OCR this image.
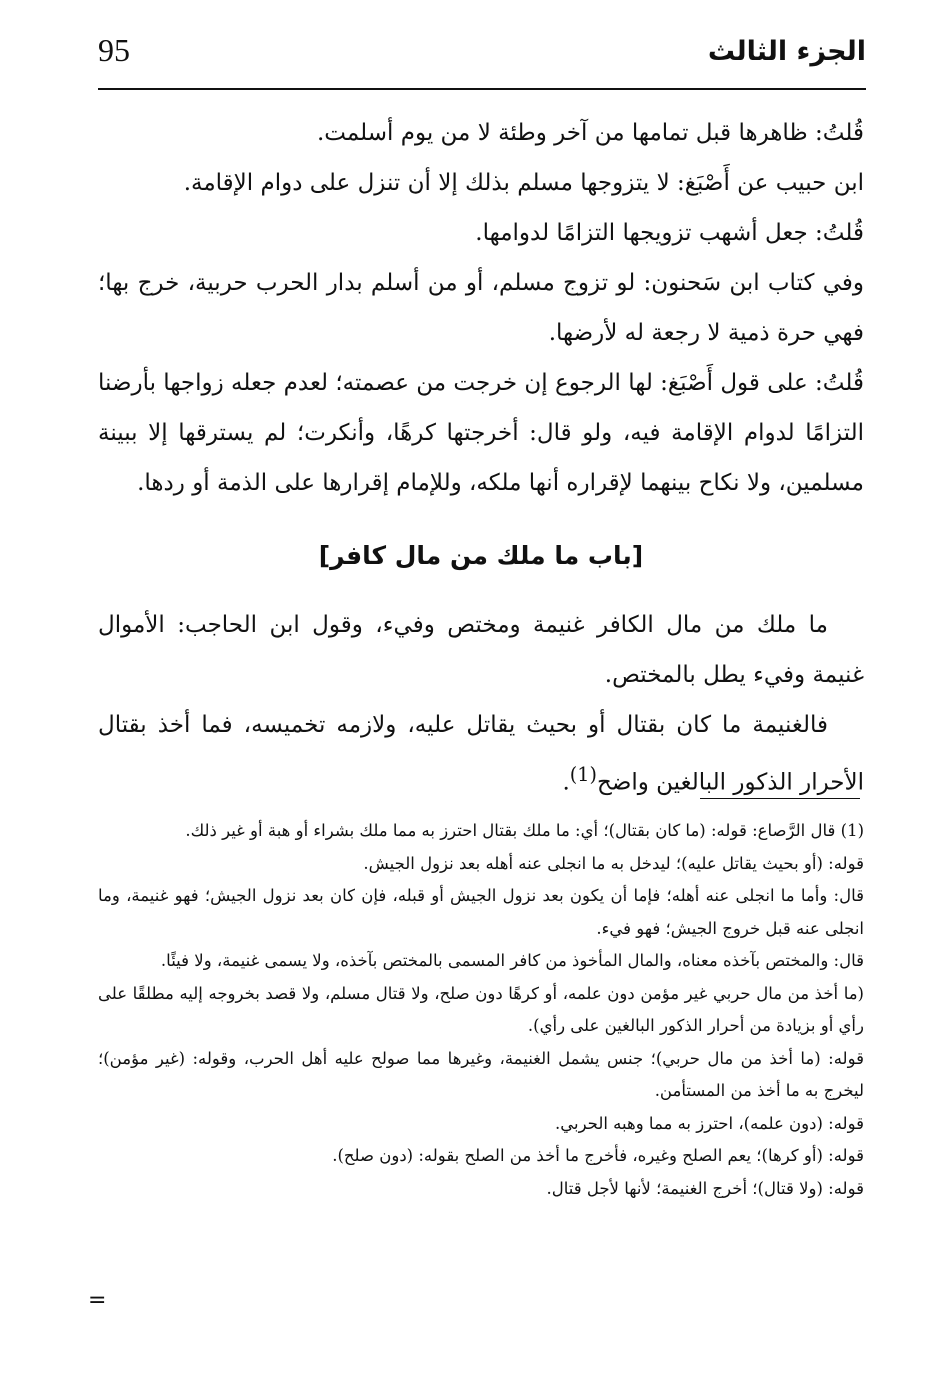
95	الجزء الثالث

قُلتُ: ظاهرها قبل تمامها من آخر وطئة لا من يوم أسلمت.

ابن حبيب عن أَصْبَغ: لا يتزوجها مسلم بذلك إلا أن تنزل على دوام الإقامة.

قُلتُ: جعل أشهب تزويجها التزامًا لدوامها.

وفي كتاب ابن سَحنون: لو تزوج مسلم، أو من أسلم بدار الحرب حربية، خرج بها؛ فهي حرة ذمية لا رجعة له لأرضها.

قُلتُ: على قول أَصْبَغ: لها الرجوع إن خرجت من عصمته؛ لعدم جعله زواجها بأرضنا التزامًا لدوام الإقامة فيه، ولو قال: أخرجتها كرهًا، وأنكرت؛ لم يسترقها إلا ببينة مسلمين، ولا نكاح بينهما لإقراره أنها ملكه، وللإمام إقرارها على الذمة أو ردها.

[باب ما ملك من مال كافر]

ما ملك من مال الكافر غنيمة ومختص وفيء، وقول ابن الحاجب: الأموال غنيمة وفيء يطل بالمختص.

فالغنيمة ما كان بقتال أو بحيث يقاتل عليه، ولازمه تخميسه، فما أخذ بقتال الأحرار الذكور البالغين واضح$^{(1)}$.

(1) قال الرَّصاع: قوله: (ما كان بقتال)؛ أي: ما ملك بقتال احترز به مما ملك بشراء أو هبة أو غير ذلك.

قوله: (أو بحيث يقاتل عليه)؛ ليدخل به ما انجلى عنه أهله بعد نزول الجيش.

قال: وأما ما انجلى عنه أهله؛ فإما أن يكون بعد نزول الجيش أو قبله، فإن كان بعد نزول الجيش؛ فهو غنيمة، وما انجلى عنه قبل خروج الجيش؛ فهو فيء.

قال: والمختص بآخذه معناه، والمال المأخوذ من كافر المسمى بالمختص بآخذه، ولا يسمى غنيمة، ولا فيئًا.

(ما أخذ من مال حربي غير مؤمن دون علمه، أو كرهًا دون صلح، ولا قتال مسلم، ولا قصد بخروجه إليه مطلقًا على رأي أو بزيادة من أحرار الذكور البالغين على رأي).

قوله: (ما أخذ من مال حربي)؛ جنس يشمل الغنيمة، وغيرها مما صولح عليه أهل الحرب، وقوله: (غير مؤمن)؛ ليخرج به ما أخذ من المستأمن.

قوله: (دون علمه)، احترز به مما وهبه الحربي.

قوله: (أو كرها)؛ يعم الصلح وغيره، فأخرج ما أخذ من الصلح بقوله: (دون صلح).

قوله: (ولا قتال)؛ أخرج الغنيمة؛ لأنها لأجل قتال.

=
